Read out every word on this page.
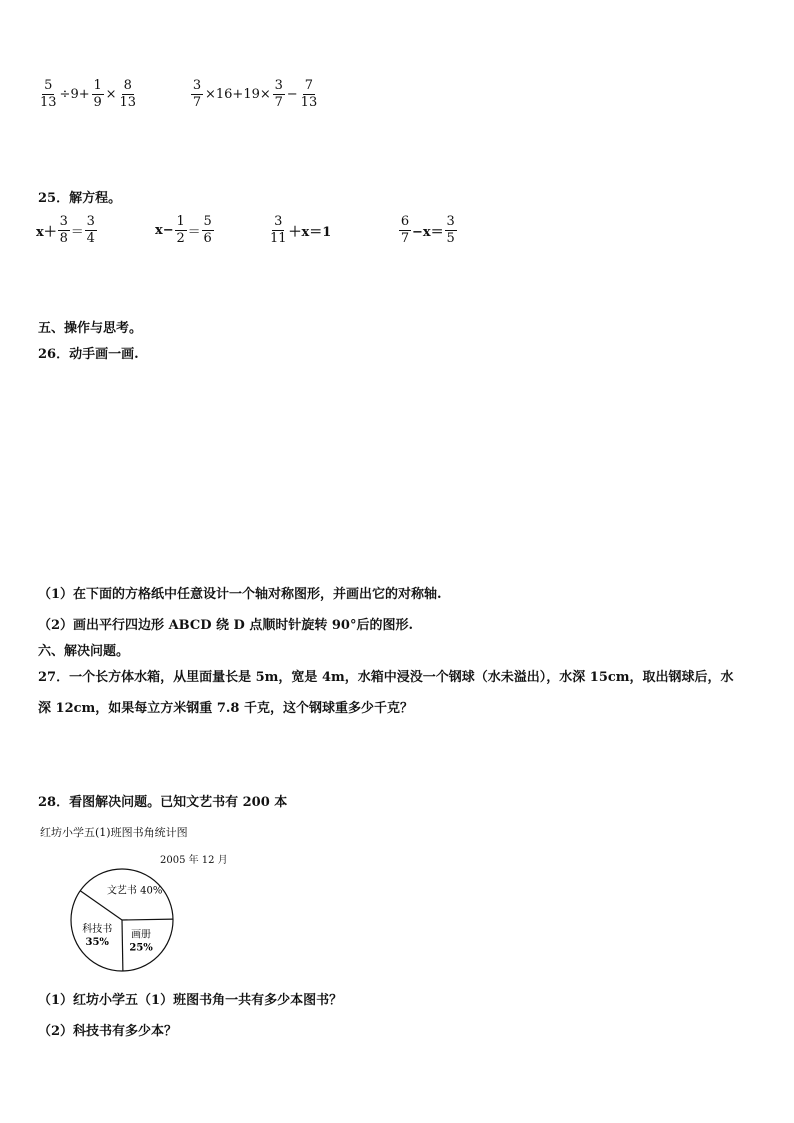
$\frac{5}{13} \div 9+ \frac{1}{9} \times \frac{8}{13}$	$\frac{3}{7} \times 16+19\times \frac{3}{7} - \frac{7}{13}$
25．解方程。
$x+ \frac{3}{8} = \frac{3}{4}$	$x- \frac{1}{2} = \frac{5}{6}$	$\frac{3}{11} +x=1$	$\frac{6}{7} -x= \frac{3}{5}$
五、操作与思考。
26．动手画一画.
（1）在下面的方格纸中任意设计一个轴对称图形，并画出它的对称轴.
（2）画出平行四边形 ABCD 绕 D 点顺时针旋转 90°后的图形.
六、解决问题。
27．一个长方体水箱，从里面量长是 5m，宽是 4m，水箱中浸没一个钢球（水未溢出），水深 15cm，取出钢球后，水
深 12cm，如果每立方米钢重 7.8 千克，这个钢球重多少千克？
28．看图解决问题。已知文艺书有 200 本
红坊小学五(1)班图书角统计图
2005 年 12 月
文艺书 40%
画册
25%
科技书
35%
（1）红坊小学五（1）班图书角一共有多少本图书？
（2）科技书有多少本？
